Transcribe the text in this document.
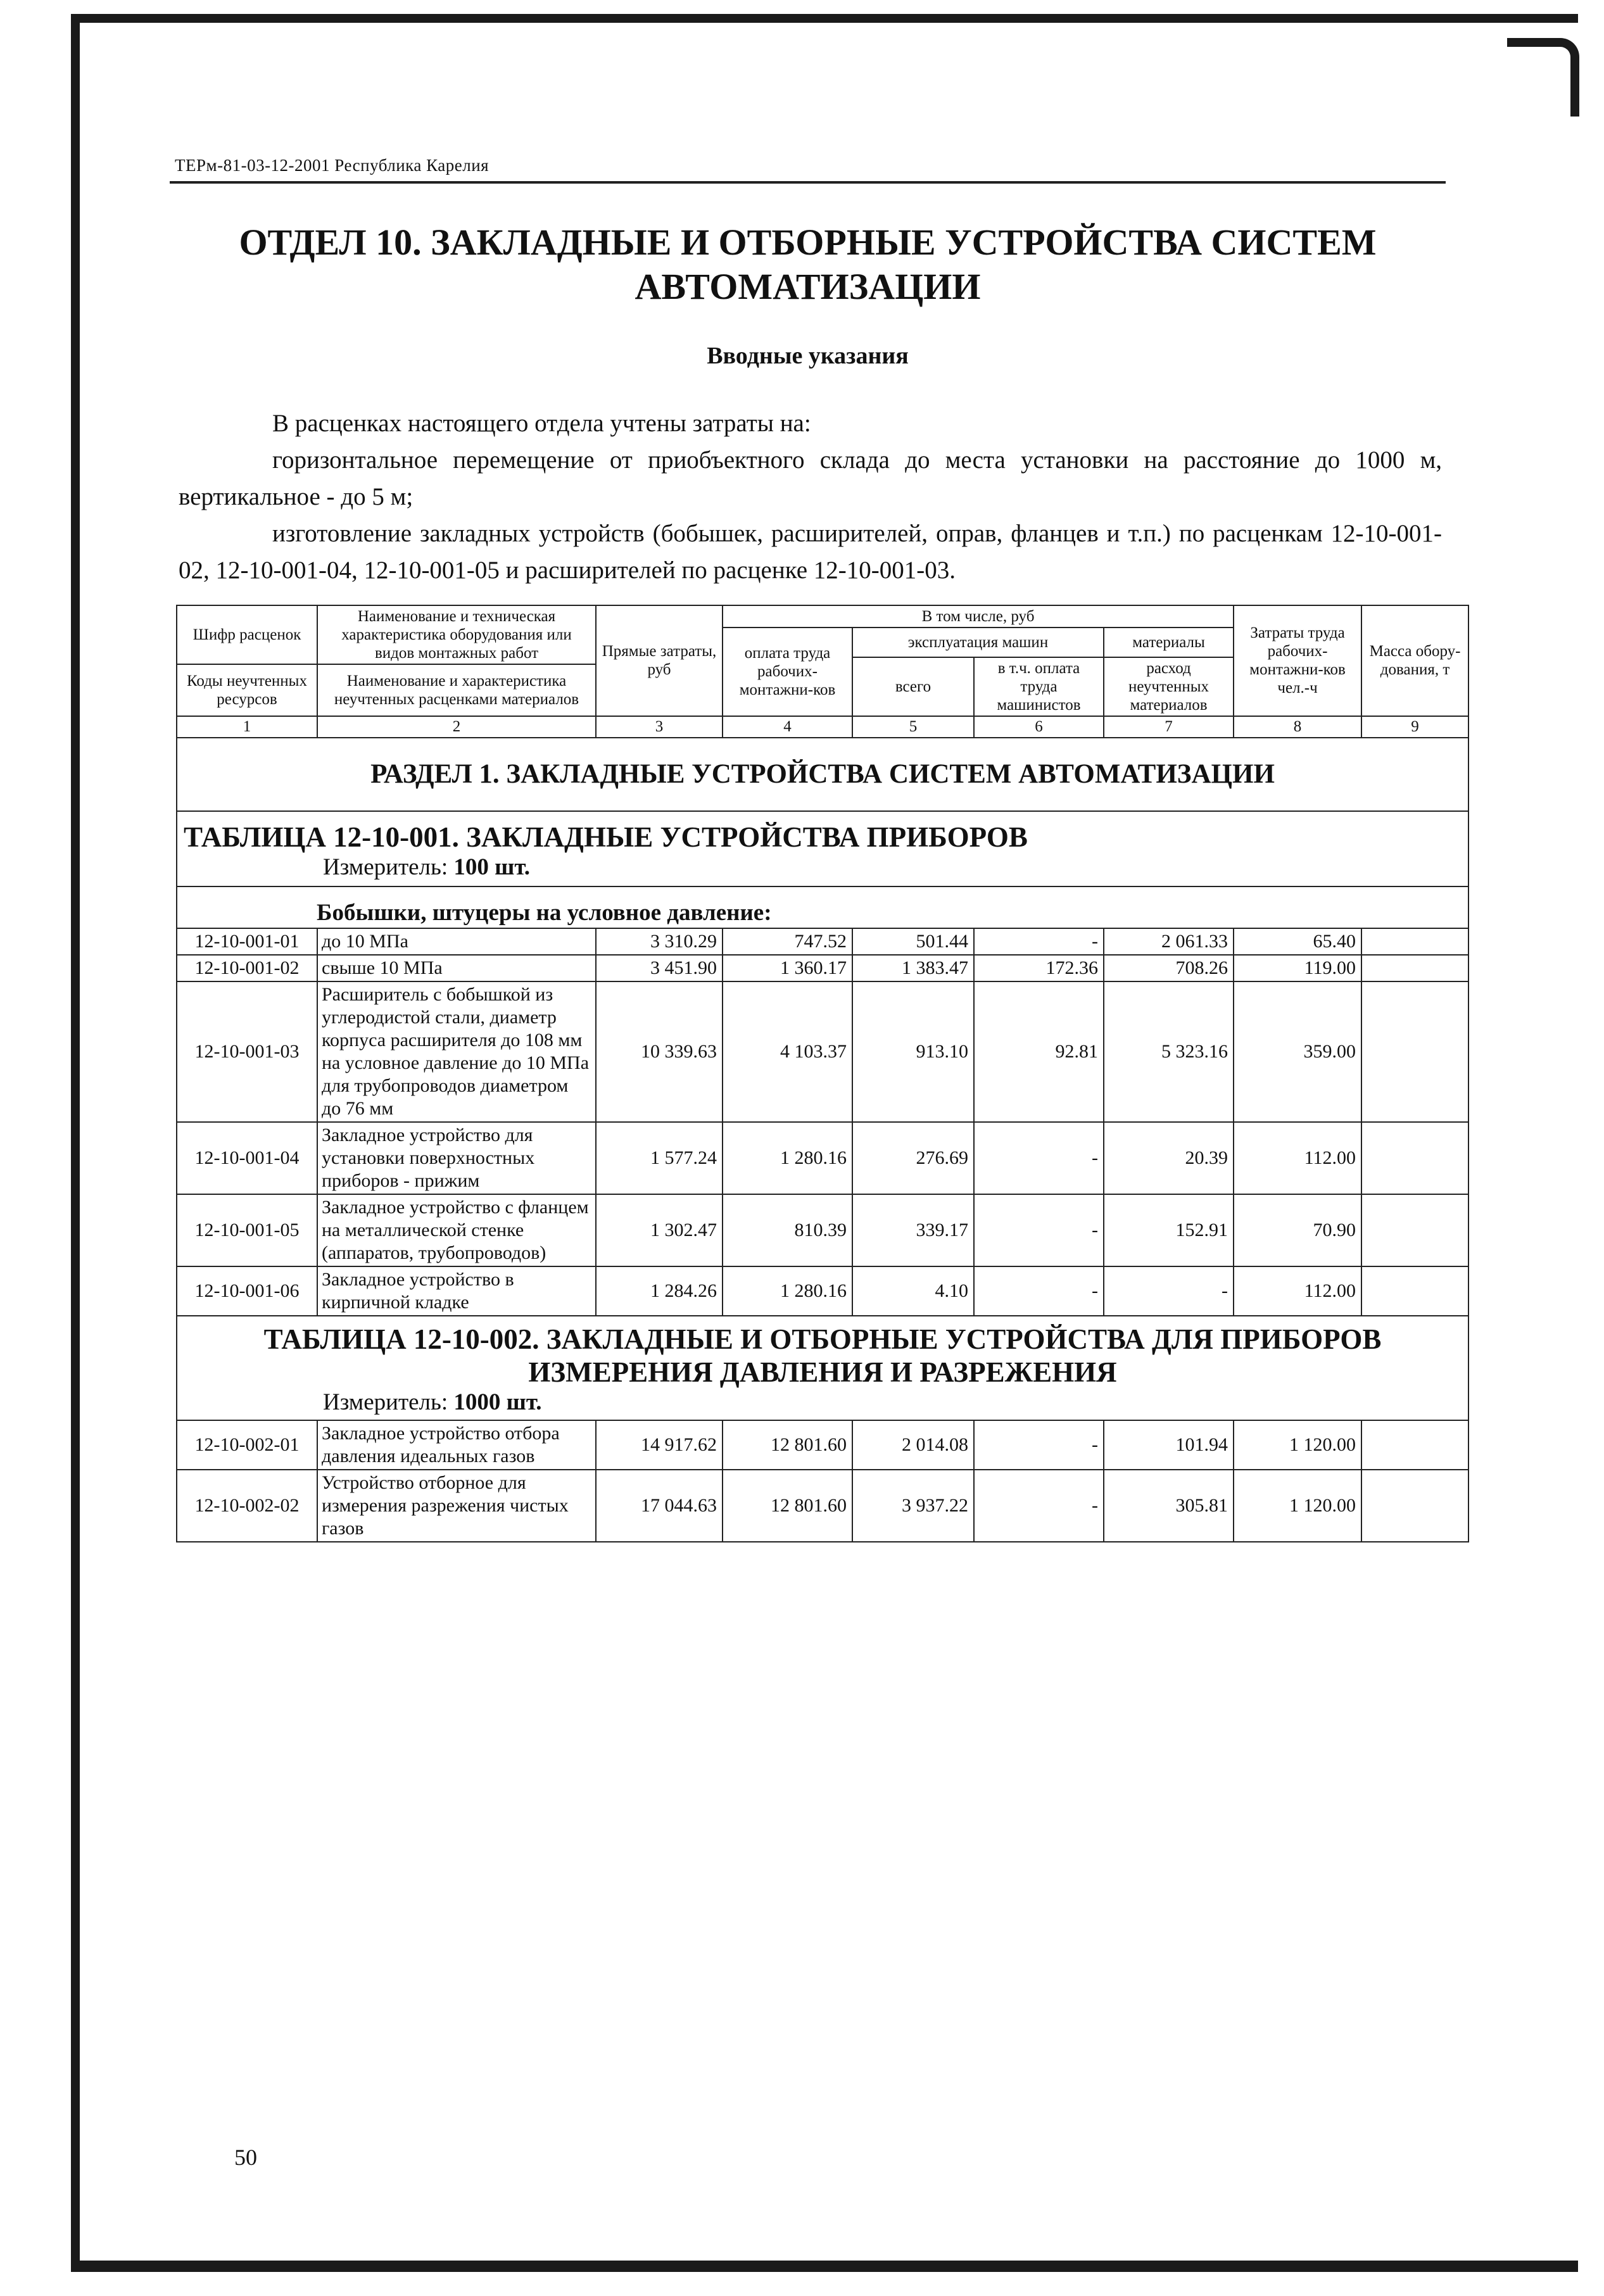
ТЕРм-81-03-12-2001 Республика Карелия
ОТДЕЛ 10. ЗАКЛАДНЫЕ И ОТБОРНЫЕ УСТРОЙСТВА СИСТЕМ
АВТОМАТИЗАЦИИ
Вводные указания

В расценках настоящего отдела учтены затраты на:

горизонтальное перемещение от приобъектного склада до места установки на расстояние до 1000 м, вертикальное - до 5 м;

изготовление закладных устройств (бобышек, расширителей, оправ, фланцев и т.п.) по расценкам 12-10-001-02, 12-10-001-04, 12-10-001-05 и расширителей по расценке 12-10-001-03.

Шифр расценок	Наименование и техническая характеристика оборудования или видов монтажных работ	Прямые затраты, руб	В том числе, руб				Затраты труда рабочих-монтажни-ков чел.-ч	Масса обору-дования, т
			оплата труда рабочих-монтажни-ков	эксплуатация машин		материалы		
				всего	в т.ч. оплата труда машинистов	расход неучтенных материалов		
Коды неучтенных ресурсов	Наименование и характеристика неучтенных расценками материалов							

1	2	3	4	5	6	7	8	9
РАЗДЕЛ 1. ЗАКЛАДНЫЕ УСТРОЙСТВА СИСТЕМ АВТОМАТИЗАЦИИ								

ТАБЛИЦА 12-10-001. ЗАКЛАДНЫЕ УСТРОЙСТВА ПРИБОРОВ
Измеритель: 100 шт.								

Бобышки, штуцеры на условное давление:								
12-10-001-01	до 10 МПа	3 310.29	747.52	501.44	-	2 061.33	65.40	
12-10-001-02	свыше 10 МПа	3 451.90	1 360.17	1 383.47	172.36	708.26	119.00	
12-10-001-03	Расширитель с бобышкой из углеродистой стали, диаметр корпуса расширителя до 108 мм на условное давление до 10 МПа для трубопроводов диаметром до 76 мм	10 339.63	4 103.37	913.10	92.81	5 323.16	359.00	
12-10-001-04	Закладное устройство для установки поверхностных приборов - прижим	1 577.24	1 280.16	276.69	-	20.39	112.00	
12-10-001-05	Закладное устройство с фланцем на металлической стенке (аппаратов, трубопроводов)	1 302.47	810.39	339.17	-	152.91	70.90	
12-10-001-06	Закладное устройство в кирпичной кладке	1 284.26	1 280.16	4.10	-	-	112.00	

ТАБЛИЦА 12-10-002. ЗАКЛАДНЫЕ И ОТБОРНЫЕ УСТРОЙСТВА ДЛЯ ПРИБОРОВ
ИЗМЕРЕНИЯ ДАВЛЕНИЯ И РАЗРЕЖЕНИЯ
Измеритель: 1000 шт.								

12-10-002-01	Закладное устройство отбора давления идеальных газов	14 917.62	12 801.60	2 014.08	-	101.94	1 120.00	
12-10-002-02	Устройство отборное для измерения разрежения чистых газов	17 044.63	12 801.60	3 937.22	-	305.81	1 120.00	
50
